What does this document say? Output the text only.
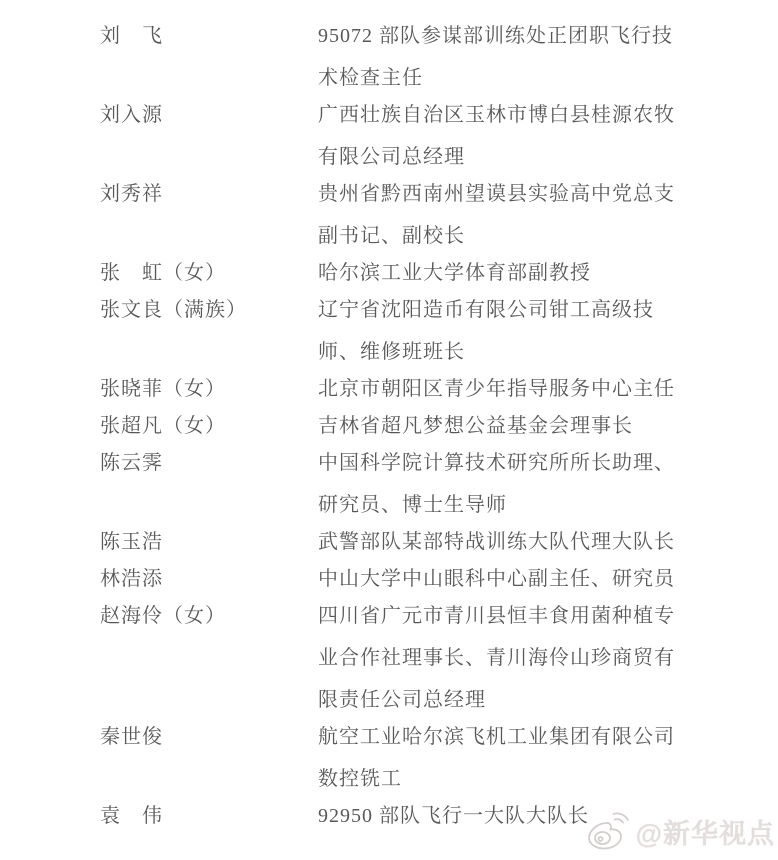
刘　飞	95072 部队参谋部训练处正团职飞行技
术检查主任
刘入源	广西壮族自治区玉林市博白县桂源农牧
有限公司总经理
刘秀祥	贵州省黔西南州望谟县实验高中党总支
副书记、副校长
张　虹（女）	哈尔滨工业大学体育部副教授
张文良（满族）	辽宁省沈阳造币有限公司钳工高级技
师、维修班班长
张晓菲（女）	北京市朝阳区青少年指导服务中心主任
张超凡（女）	吉林省超凡梦想公益基金会理事长
陈云霁	中国科学院计算技术研究所所长助理、
研究员、博士生导师
陈玉浩	武警部队某部特战训练大队代理大队长
林浩添	中山大学中山眼科中心副主任、研究员
赵海伶（女）	四川省广元市青川县恒丰食用菌种植专
业合作社理事长、青川海伶山珍商贸有
限责任公司总经理
秦世俊	航空工业哈尔滨飞机工业集团有限公司
数控铣工
袁　伟	92950 部队飞行一大队大队长
@新华视点
